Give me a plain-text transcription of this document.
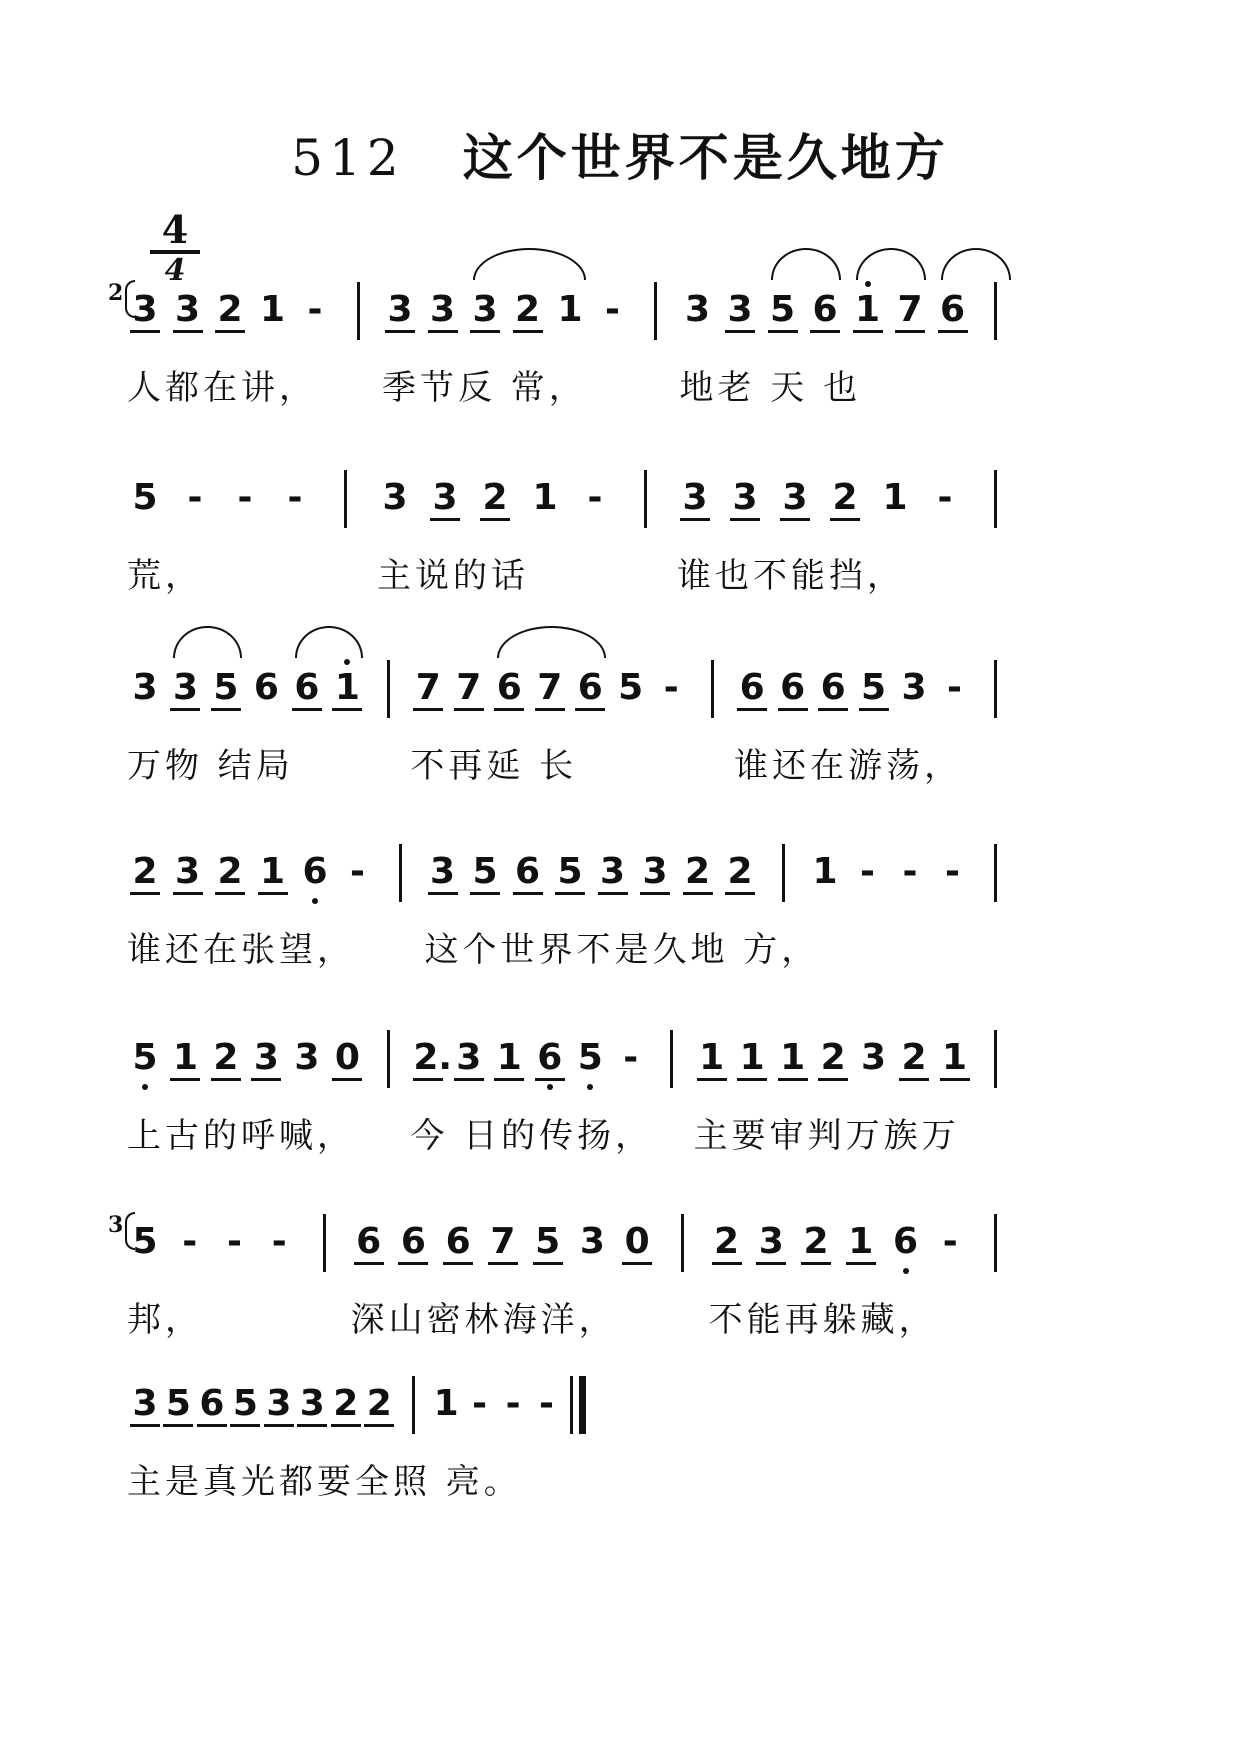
512 这个世界不是久地方
4
4
2 3 3 2 1 - 3 3 3 2 1 - 3 3 5 6 1 7 6
人都在讲， 季节反 常，	地老 天 也
5 - - - 3 3 2 1 - 3 3 3 2 1 -
荒，	主说的话	谁也不能挡，
3 3 5 6 6 1 7 7 6 7 6 5 - 6 6 6 5 3 -
万物 结局	不再延 长	谁还在游荡，
2 3 2 1 6 - 3 5 6 5 3 3 2 2 1 - - -
谁还在张望， 这个世界不是久地 方，
5 1 2 3 3 0 2. 3 1 6 5 - 1 1 1 2 3 2 1
上古的呼喊， 今 日的传扬， 主要审判万族万
3 5 - - - 6 6 6 7 5 3 0 2 3 2 1 6 -
邦，	深山密林海洋，	不能再躲藏，
3 5 6 5 3 3 2 2 1 - - -
主是真光都要全照 亮。
